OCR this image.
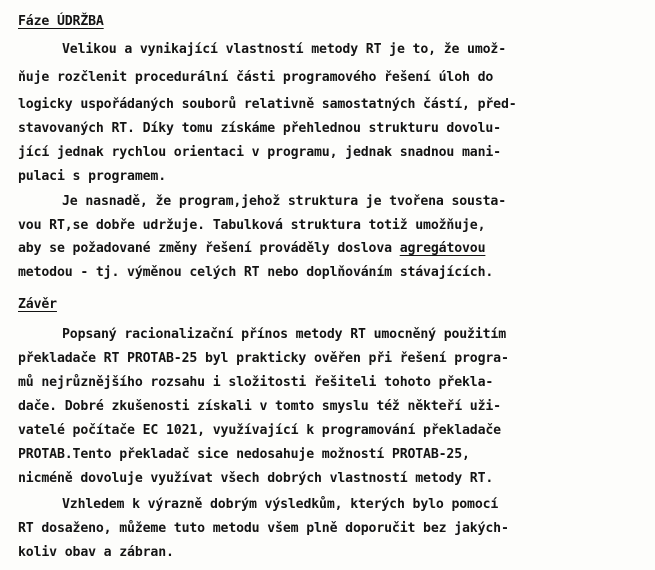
Fáze ÚDRŽBA
Velikou a vynikající vlastností metody RT je to, že umož-
ňuje rozčlenit procedurální části programového řešení úloh do
logicky uspořádaných souborů relativně samostatných částí, před-
stavovaných RT. Díky tomu získáme přehlednou strukturu dovolu-
jící jednak rychlou orientaci v programu, jednak snadnou mani-
pulaci s programem.
Je nasnadě, že program,jehož struktura je tvořena sousta-
vou RT,se dobře udržuje. Tabulková struktura totiž umožňuje,
aby se požadované změny řešení prováděly doslova agregátovou
metodou - tj. výměnou celých RT nebo doplňováním stávajících.
Závěr
Popsaný racionalizační přínos metody RT umocněný použitím
překladače RT PROTAB-25 byl prakticky ověřen při řešení progra-
mů nejrůznějšího rozsahu i složitosti řešiteli tohoto překla-
dače. Dobré zkušenosti získali v tomto smyslu též někteří uži-
vatelé počítače EC 1021, využívající k programování překladače
PROTAB.Tento překladač sice nedosahuje možností PROTAB-25,
nicméně dovoluje využívat všech dobrých vlastností metody RT.
Vzhledem k výrazně dobrým výsledkům, kterých bylo pomocí
RT dosaženo, můžeme tuto metodu všem plně doporučit bez jakých-
koliv obav a zábran.
